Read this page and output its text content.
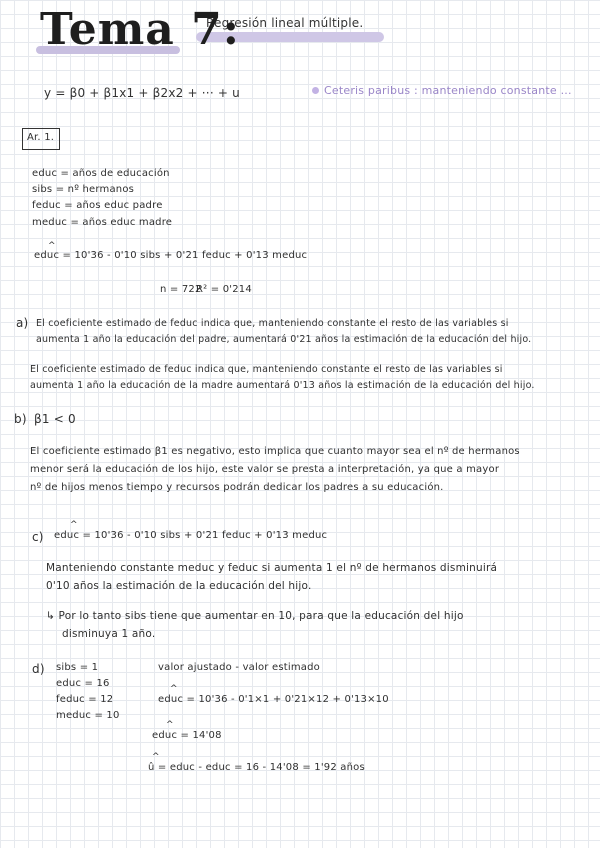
Tema 7:
Regresión lineal múltiple.
y = β0 + β1x1 + β2x2 + ··· + u	Ceteris paribus : manteniendo constante ...
Ar. 1.
educ = años de educación
sibs = nº hermanos
feduc = años educ padre
meduc = años educ madre
^
educ = 10'36 - 0'10 sibs + 0'21 feduc + 0'13 meduc
n = 722
R² = 0'214
a) El coeficiente estimado de feduc indica que, manteniendo constante el resto de las variables si
aumenta 1 año la educación del padre, aumentará 0'21 años la estimación de la educación del hijo.
El coeficiente estimado de feduc indica que, manteniendo constante el resto de las variables si
aumenta 1 año la educación de la madre aumentará 0'13 años la estimación de la educación del hijo.
b) β1 < 0
El coeficiente estimado β1 es negativo, esto implica que cuanto mayor sea el nº de hermanos
menor será la educación de los hijo, este valor se presta a interpretación, ya que a mayor
nº de hijos menos tiempo y recursos podrán dedicar los padres a su educación.
c)
^
educ = 10'36 - 0'10 sibs + 0'21 feduc + 0'13 meduc
Manteniendo constante meduc y feduc si aumenta 1 el nº de hermanos disminuirá
0'10 años la estimación de la educación del hijo.
↳ Por lo tanto sibs tiene que aumentar en 10, para que la educación del hijo
disminuya 1 año.
d) sibs = 1
educ = 16
feduc = 12
meduc = 10
valor ajustado - valor estimado
^
educ = 10'36 - 0'1×1 + 0'21×12 + 0'13×10
^
educ = 14'08
^
û = educ - educ = 16 - 14'08 = 1'92 años
